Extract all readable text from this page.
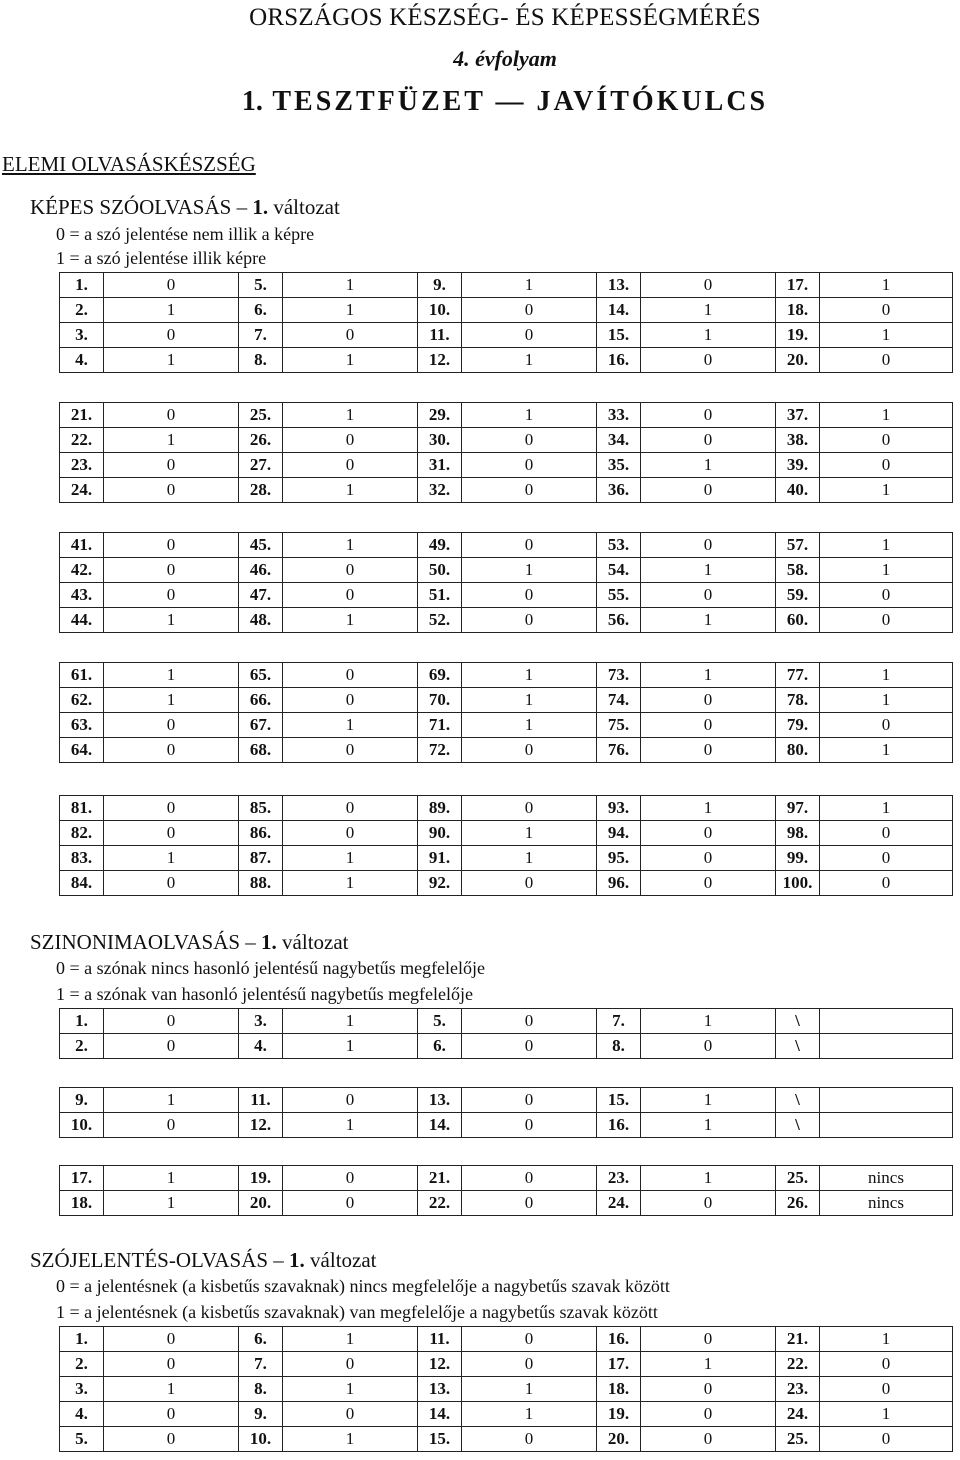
ORSZÁGOS KÉSZSÉG- ÉS KÉPESSÉGMÉRÉS
4. évfolyam
1. TESZTFÜZET — JAVÍTÓKULCS
ELEMI OLVASÁSKÉSZSÉG
KÉPES SZÓOLVASÁS – 1. változat
0 = a szó jelentése nem illik a képre
1 = a szó jelentése illik képre
1.	0	5.	1	9.	1	13.	0	17.	1
2.	1	6.	1	10.	0	14.	1	18.	0
3.	0	7.	0	11.	0	15.	1	19.	1
4.	1	8.	1	12.	1	16.	0	20.	0
21.	0	25.	1	29.	1	33.	0	37.	1
22.	1	26.	0	30.	0	34.	0	38.	0
23.	0	27.	0	31.	0	35.	1	39.	0
24.	0	28.	1	32.	0	36.	0	40.	1
41.	0	45.	1	49.	0	53.	0	57.	1
42.	0	46.	0	50.	1	54.	1	58.	1
43.	0	47.	0	51.	0	55.	0	59.	0
44.	1	48.	1	52.	0	56.	1	60.	0
61.	1	65.	0	69.	1	73.	1	77.	1
62.	1	66.	0	70.	1	74.	0	78.	1
63.	0	67.	1	71.	1	75.	0	79.	0
64.	0	68.	0	72.	0	76.	0	80.	1
81.	0	85.	0	89.	0	93.	1	97.	1
82.	0	86.	0	90.	1	94.	0	98.	0
83.	1	87.	1	91.	1	95.	0	99.	0
84.	0	88.	1	92.	0	96.	0	100.	0
SZINONIMAOLVASÁS – 1. változat
0 = a szónak nincs hasonló jelentésű nagybetűs megfelelője
1 = a szónak van hasonló jelentésű nagybetűs megfelelője
1.	0	3.	1	5.	0	7.	1	\	
2.	0	4.	1	6.	0	8.	0	\	
9.	1	11.	0	13.	0	15.	1	\	
10.	0	12.	1	14.	0	16.	1	\	
17.	1	19.	0	21.	0	23.	1	25.	nincs
18.	1	20.	0	22.	0	24.	0	26.	nincs
SZÓJELENTÉS-OLVASÁS – 1. változat
0 = a jelentésnek (a kisbetűs szavaknak) nincs megfelelője a nagybetűs szavak között
1 = a jelentésnek (a kisbetűs szavaknak) van megfelelője a nagybetűs szavak között
1.	0	6.	1	11.	0	16.	0	21.	1
2.	0	7.	0	12.	0	17.	1	22.	0
3.	1	8.	1	13.	1	18.	0	23.	0
4.	0	9.	0	14.	1	19.	0	24.	1
5.	0	10.	1	15.	0	20.	0	25.	0
